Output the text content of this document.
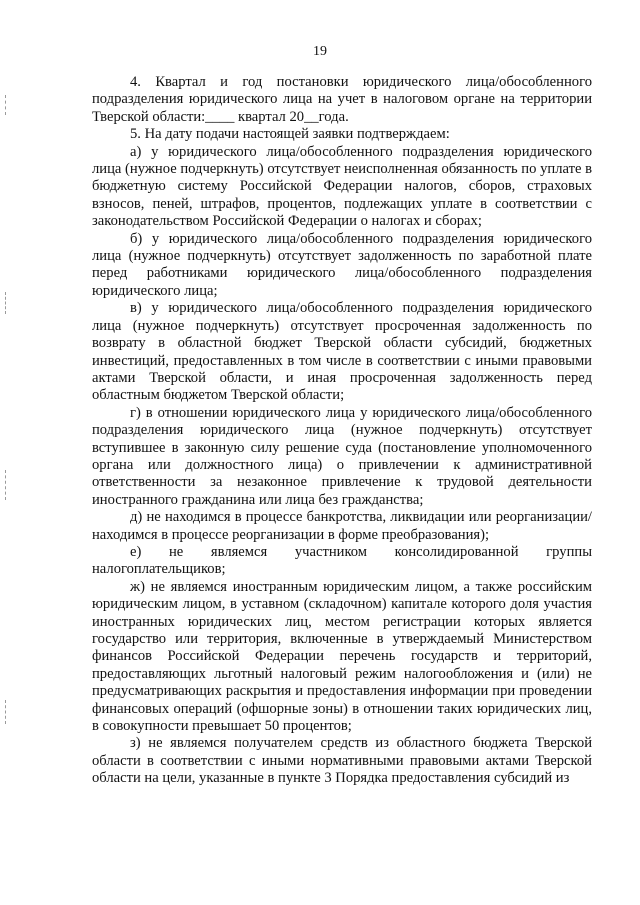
19

4. Квартал и год постановки юридического лица/обособленного подразделения юридического лица на учет в налоговом органе на территории Тверской области:____ квартал 20__года.

5. На дату подачи настоящей заявки подтверждаем:

а) у юридического лица/обособленного подразделения юридического лица (нужное подчеркнуть) отсутствует неисполненная обязанность по уплате в бюджетную систему Российской Федерации налогов, сборов, страховых взносов, пеней, штрафов, процентов, подлежащих уплате в соответствии с законодательством Российской Федерации о налогах и сборах;

б) у юридического лица/обособленного подразделения юридического лица (нужное подчеркнуть) отсутствует задолженность по заработной плате перед работниками юридического лица/обособленного подразделения юридического лица;

в) у юридического лица/обособленного подразделения юридического лица (нужное подчеркнуть) отсутствует просроченная задолженность по возврату в областной бюджет Тверской области субсидий, бюджетных инвестиций, предоставленных в том числе в соответствии с иными правовыми актами Тверской области, и иная просроченная задолженность перед областным бюджетом Тверской области;

г) в отношении юридического лица у юридического лица/обособленного подразделения юридического лица (нужное подчеркнуть) отсутствует вступившее в законную силу решение суда (постановление уполномоченного органа или должностного лица) о привлечении к административной ответственности за незаконное привлечение к трудовой деятельности иностранного гражданина или лица без гражданства;

д) не находимся в процессе банкротства, ликвидации или реорганизации/находимся в процессе реорганизации в форме преобразования);

е) не являемся участником консолидированной группы налогоплательщиков;

ж) не являемся иностранным юридическим лицом, а также российским юридическим лицом, в уставном (складочном) капитале которого доля участия иностранных юридических лиц, местом регистрации которых является государство или территория, включенные в утверждаемый Министерством финансов Российской Федерации перечень государств и территорий, предоставляющих льготный налоговый режим налогообложения и (или) не предусматривающих раскрытия и предоставления информации при проведении финансовых операций (офшорные зоны) в отношении таких юридических лиц, в совокупности превышает 50 процентов;

з) не являемся получателем средств из областного бюджета Тверской области в соответствии с иными нормативными правовыми актами Тверской области на цели, указанные в пункте 3 Порядка предоставления субсидий из
